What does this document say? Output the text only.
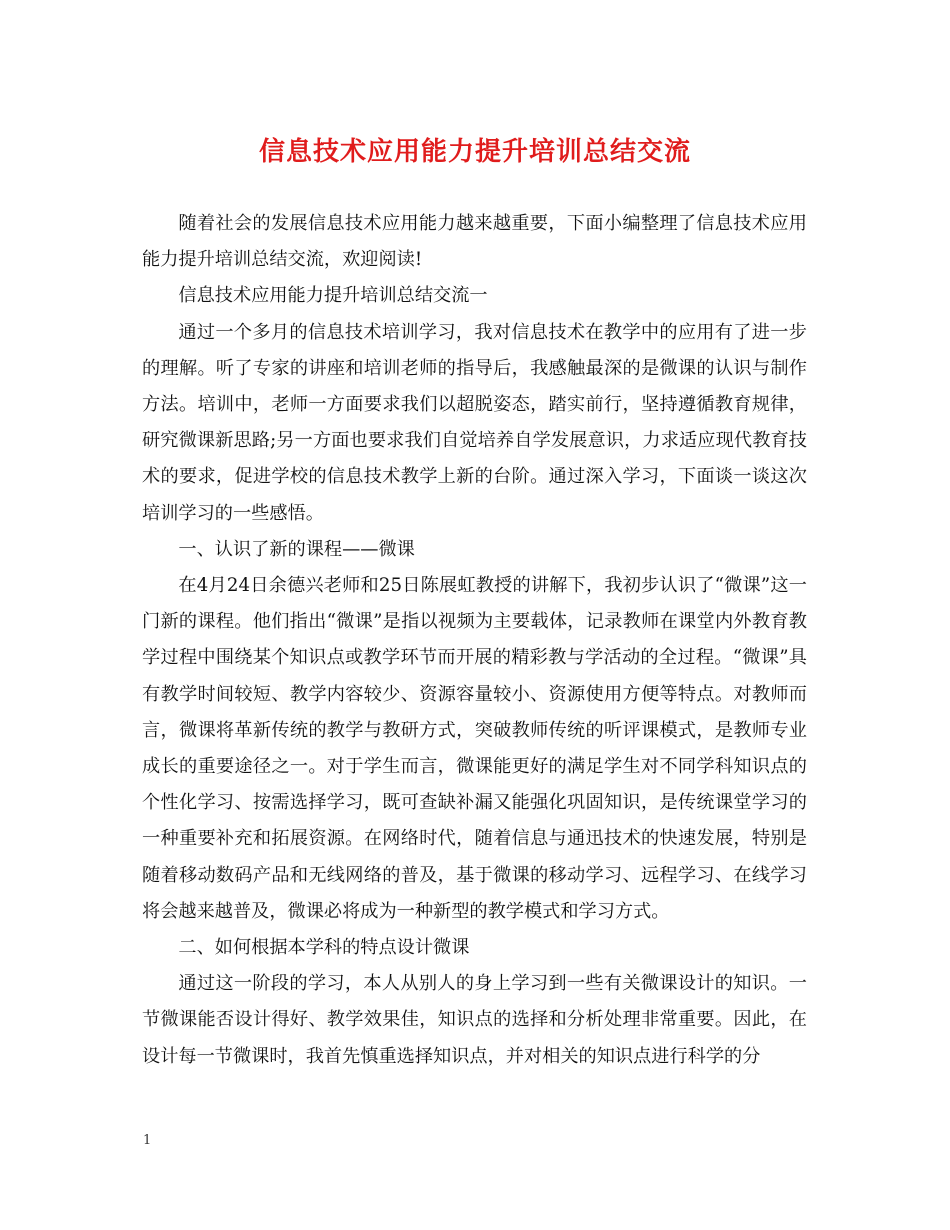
信息技术应用能力提升培训总结交流

随着社会的发展信息技术应用能力越来越重要，下面小编整理了信息技术应用能力提升培训总结交流，欢迎阅读!

信息技术应用能力提升培训总结交流一

通过一个多月的信息技术培训学习，我对信息技术在教学中的应用有了进一步的理解。听了专家的讲座和培训老师的指导后，我感触最深的是微课的认识与制作方法。培训中，老师一方面要求我们以超脱姿态，踏实前行，坚持遵循教育规律，研究微课新思路;另一方面也要求我们自觉培养自学发展意识，力求适应现代教育技术的要求，促进学校的信息技术教学上新的台阶。通过深入学习，下面谈一谈这次培训学习的一些感悟。

一、认识了新的课程——微课

在4月24日余德兴老师和25日陈展虹教授的讲解下，我初步认识了“微课”这一门新的课程。他们指出“微课”是指以视频为主要载体，记录教师在课堂内外教育教学过程中围绕某个知识点或教学环节而开展的精彩教与学活动的全过程。“微课”具有教学时间较短、教学内容较少、资源容量较小、资源使用方便等特点。对教师而言，微课将革新传统的教学与教研方式，突破教师传统的听评课模式，是教师专业成长的重要途径之一。对于学生而言，微课能更好的满足学生对不同学科知识点的个性化学习、按需选择学习，既可查缺补漏又能强化巩固知识，是传统课堂学习的一种重要补充和拓展资源。在网络时代，随着信息与通迅技术的快速发展，特别是随着移动数码产品和无线网络的普及，基于微课的移动学习、远程学习、在线学习将会越来越普及，微课必将成为一种新型的教学模式和学习方式。

二、如何根据本学科的特点设计微课

通过这一阶段的学习，本人从别人的身上学习到一些有关微课设计的知识。一节微课能否设计得好、教学效果佳，知识点的选择和分析处理非常重要。因此，在设计每一节微课时，我首先慎重选择知识点，并对相关的知识点进行科学的分

1
